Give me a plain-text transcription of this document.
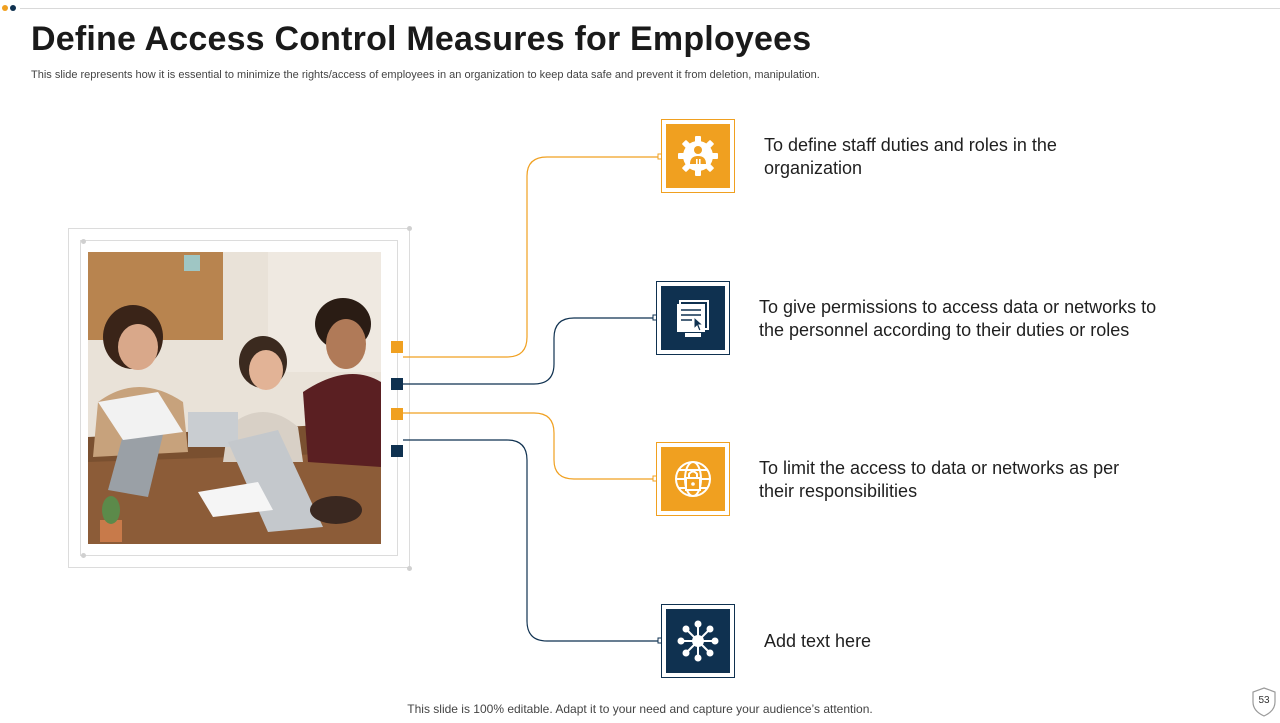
Define Access Control Measures for Employees

This slide represents how it is essential to minimize the rights/access of employees in an organization to keep data safe and prevent it from deletion, manipulation.

To define staff duties and roles in the organization
To give permissions to access data or networks to the personnel according to their duties or roles
To limit the access to data or networks as per their responsibilities
Add text here
This slide is 100% editable. Adapt it to your need and capture your audience’s attention.
53
